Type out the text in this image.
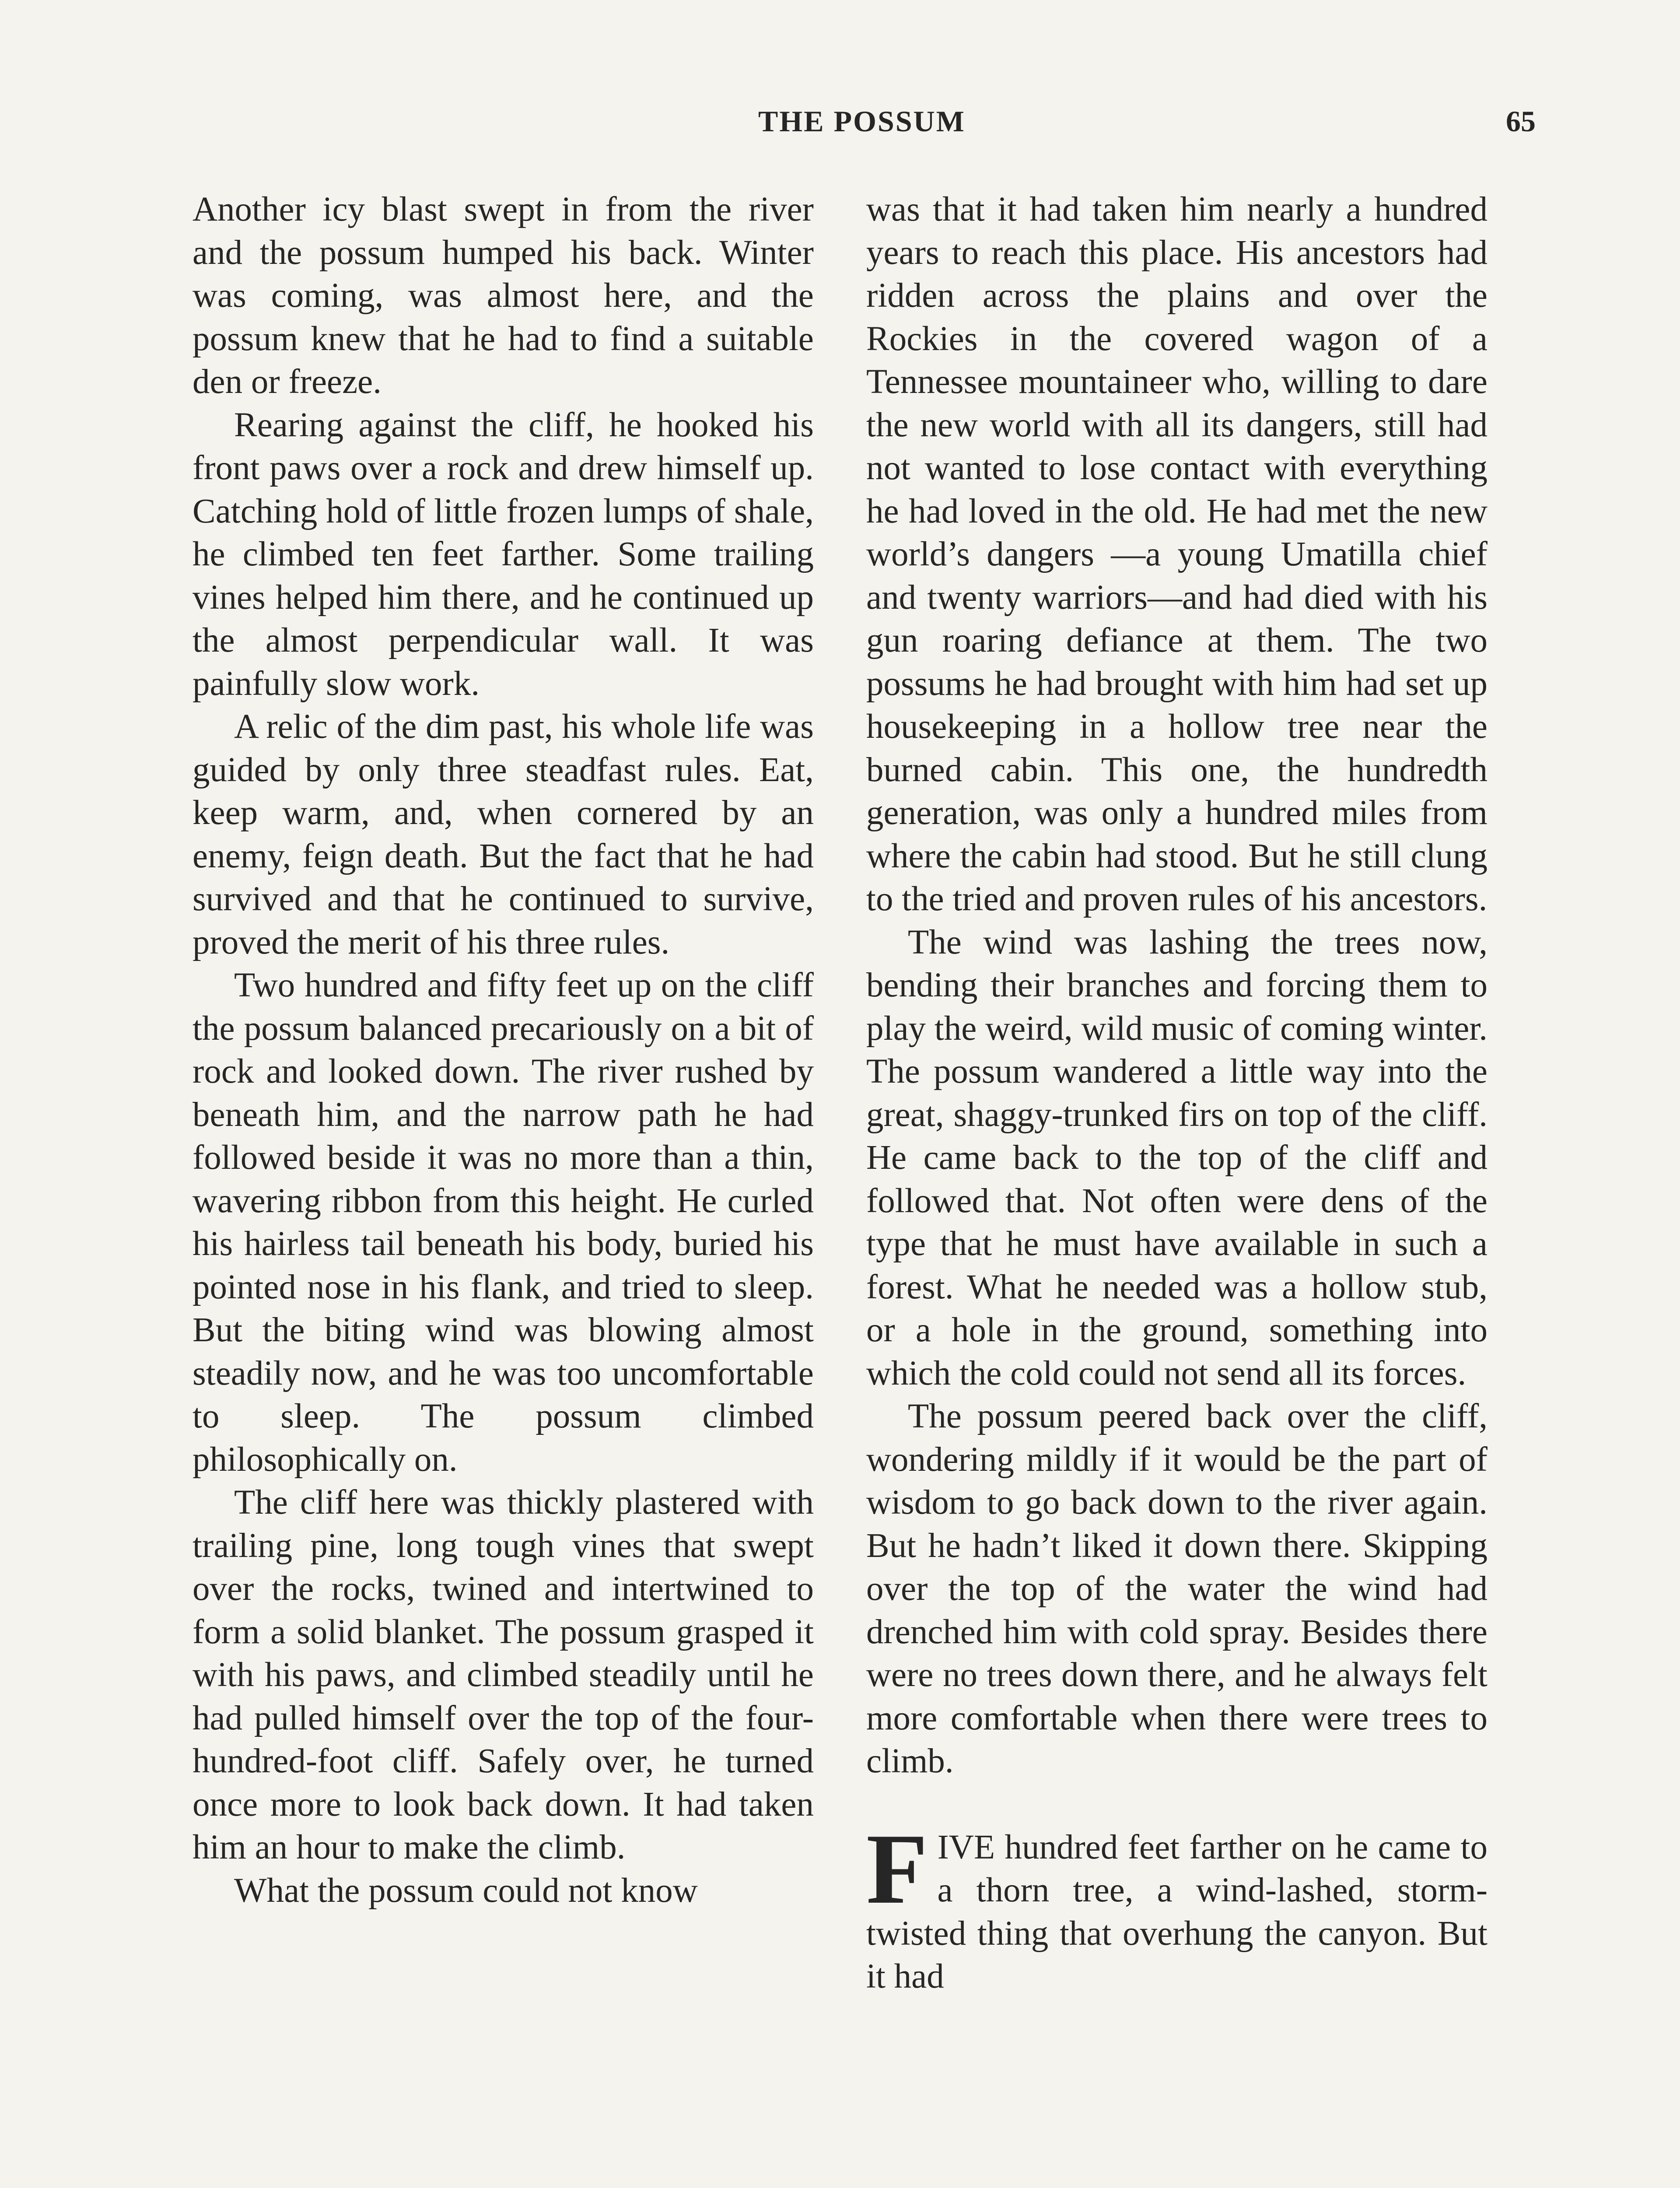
THE POSSUM	65

Another icy blast swept in from the river and the possum humped his back. Winter was coming, was almost here, and the possum knew that he had to find a suitable den or freeze.

Rearing against the cliff, he hooked his front paws over a rock and drew himself up. Catching hold of little frozen lumps of shale, he climbed ten feet farther. Some trailing vines helped him there, and he continued up the almost perpendicular wall. It was painfully slow work.

A relic of the dim past, his whole life was guided by only three steadfast rules. Eat, keep warm, and, when cornered by an enemy, feign death. But the fact that he had survived and that he continued to survive, proved the merit of his three rules.

Two hundred and fifty feet up on the cliff the possum balanced precariously on a bit of rock and looked down. The river rushed by beneath him, and the narrow path he had followed beside it was no more than a thin, wavering ribbon from this height. He curled his hairless tail beneath his body, buried his pointed nose in his flank, and tried to sleep. But the biting wind was blowing almost steadily now, and he was too uncomfortable to sleep. The possum climbed philosophically on.

The cliff here was thickly plastered with trailing pine, long tough vines that swept over the rocks, twined and intertwined to form a solid blanket. The possum grasped it with his paws, and climbed steadily until he had pulled himself over the top of the four-hundred-foot cliff. Safely over, he turned once more to look back down. It had taken him an hour to make the climb.

What the possum could not know

was that it had taken him nearly a hundred years to reach this place. His ancestors had ridden across the plains and over the Rockies in the covered wagon of a Tennessee mountaineer who, willing to dare the new world with all its dangers, still had not wanted to lose contact with everything he had loved in the old. He had met the new world’s dangers —a young Umatilla chief and twenty warriors—and had died with his gun roaring defiance at them. The two possums he had brought with him had set up housekeeping in a hollow tree near the burned cabin. This one, the hundredth generation, was only a hundred miles from where the cabin had stood. But he still clung to the tried and proven rules of his ancestors.

The wind was lashing the trees now, bending their branches and forcing them to play the weird, wild music of coming winter. The possum wandered a little way into the great, shaggy-trunked firs on top of the cliff. He came back to the top of the cliff and followed that. Not often were dens of the type that he must have available in such a forest. What he needed was a hollow stub, or a hole in the ground, something into which the cold could not send all its forces.

The possum peered back over the cliff, wondering mildly if it would be the part of wisdom to go back down to the river again. But he hadn’t liked it down there. Skipping over the top of the water the wind had drenched him with cold spray. Besides there were no trees down there, and he always felt more comfortable when there were trees to climb.

FIVE hundred feet farther on he came to a thorn tree, a wind-lashed, storm-twisted thing that overhung the canyon. But it had
